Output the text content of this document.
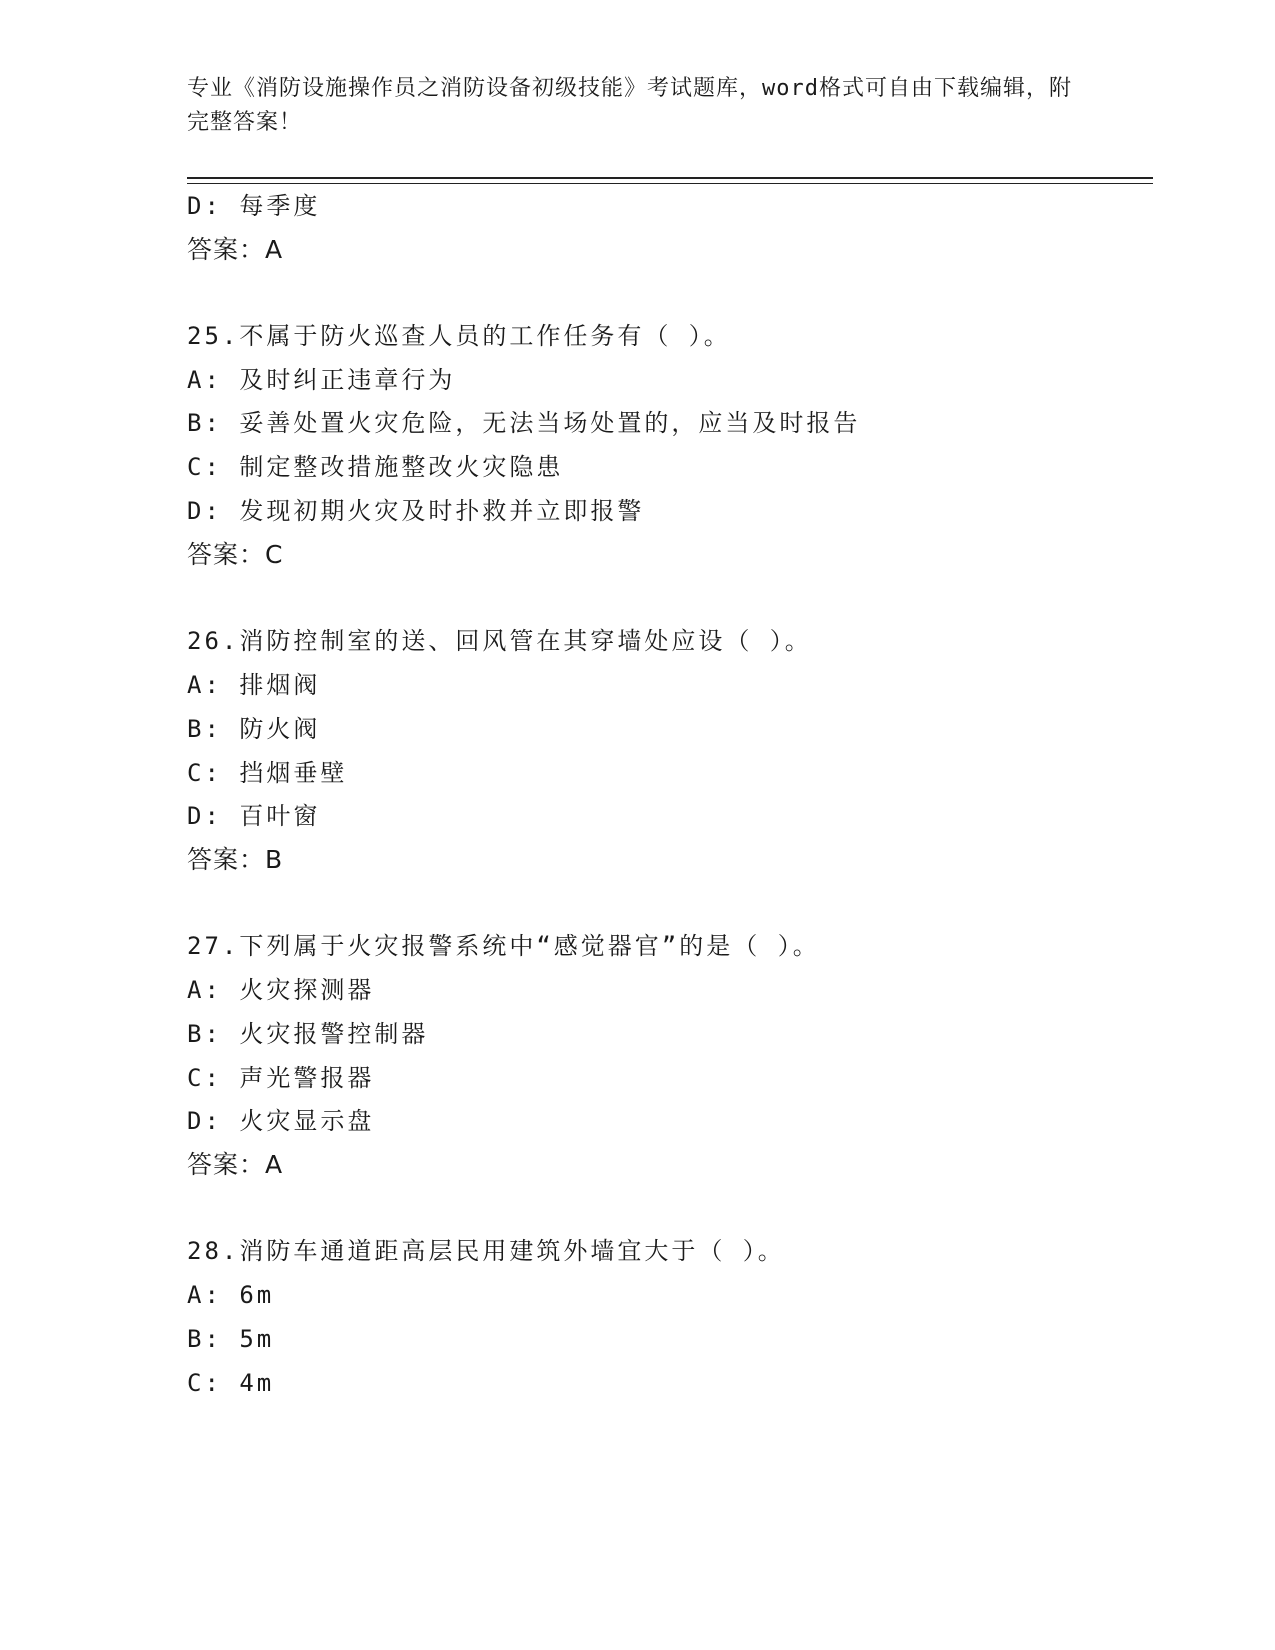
专业《消防设施操作员之消防设备初级技能》考试题库，word格式可自由下载编辑，附完整答案！
D: 每季度
答案：A
25.不属于防火巡查人员的工作任务有（ ）。
A: 及时纠正违章行为
B: 妥善处置火灾危险，无法当场处置的，应当及时报告
C: 制定整改措施整改火灾隐患
D: 发现初期火灾及时扑救并立即报警
答案：C
26.消防控制室的送、回风管在其穿墙处应设（ ）。
A: 排烟阀
B: 防火阀
C: 挡烟垂壁
D: 百叶窗
答案：B
27.下列属于火灾报警系统中“感觉器官”的是（ ）。
A: 火灾探测器
B: 火灾报警控制器
C: 声光警报器
D: 火灾显示盘
答案：A
28.消防车通道距高层民用建筑外墙宜大于（ ）。
A: 6m
B: 5m
C: 4m
